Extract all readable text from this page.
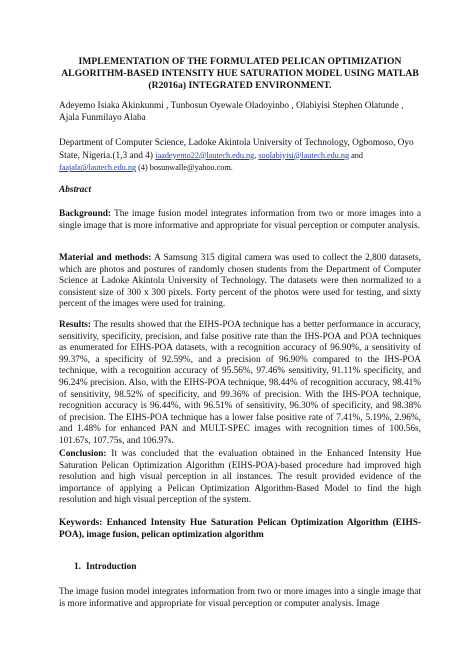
IMPLEMENTATION OF THE FORMULATED PELICAN OPTIMIZATION ALGORITHM-BASED INTENSITY HUE SATURATION MODEL USING MATLAB (R2016a) INTEGRATED ENVIRONMENT.
Adeyemo Isiaka Akinkunmi , Tunbosun Oyewale Oladoyinbo , Olabiyisi Stephen Olatunde , Ajala Funmilayo Alaba
Department of Computer Science, Ladoke Akintola University of Technology, Ogbomoso, Oyo State, Nigeria.(1,3 and 4) iaadeyemo22@lautech.edu.ng, soolabiyisi@lautech.edu.ng and faajala@lautech.edu.ng (4) bosunwalle@yahoo.com.
Abstract

Background: The image fusion model integrates information from two or more images into a single image that is more informative and appropriate for visual perception or computer analysis.

Material and methods: A Samsung 315 digital camera was used to collect the 2,800 datasets, which are photos and postures of randomly chosen students from the Department of Computer Science at Ladoke Akintola University of Technology. The datasets were then normalized to a consistent size of 300 x 300 pixels. Forty percent of the photos were used for testing, and sixty percent of the images were used for training.

Results: The results showed that the EIHS-POA technique has a better performance in accuracy, sensitivity, specificity, precision, and false positive rate than the IHS-POA and POA techniques as enumerated for EIHS-POA datasets, with a recognition accuracy of 96.90%, a sensitivity of 99.37%, a specificity of 92.59%, and a precision of 96.90% compared to the IHS-POA technique, with a recognition accuracy of 95.56%, 97.46% sensitivity, 91.11% specificity, and 96.24% precision. Also, with the EIHS-POA technique, 98.44% of recognition accuracy, 98.41% of sensitivity, 98.52% of specificity, and 99.36% of precision. With the IHS-POA technique, recognition accuracy is 96.44%, with 96.51% of sensitivity, 96.30% of specificity, and 98.38% of precision. The EIHS-POA technique has a lower false positive rate of 7.41%, 5.19%, 2.96%, and 1.48% for enhanced PAN and MULT-SPEC images with recognition times of 100.56s, 101.67s, 107.75s, and 106.97s.

Conclusion: It was concluded that the evaluation obtained in the Enhanced Intensity Hue Saturation Pelican Optimization Algorithm (EIHS-POA)-based procedure had improved high resolution and high visual perception in all instances. The result provided evidence of the importance of applying a Pelican Optimization Algorithm-Based Model to find the high resolution and high visual perception of the system.

Keywords: Enhanced Intensity Hue Saturation Pelican Optimization Algorithm (EIHS-POA), image fusion, pelican optimization algorithm

1. Introduction

The image fusion model integrates information from two or more images into a single image that is more informative and appropriate for visual perception or computer analysis. Image
